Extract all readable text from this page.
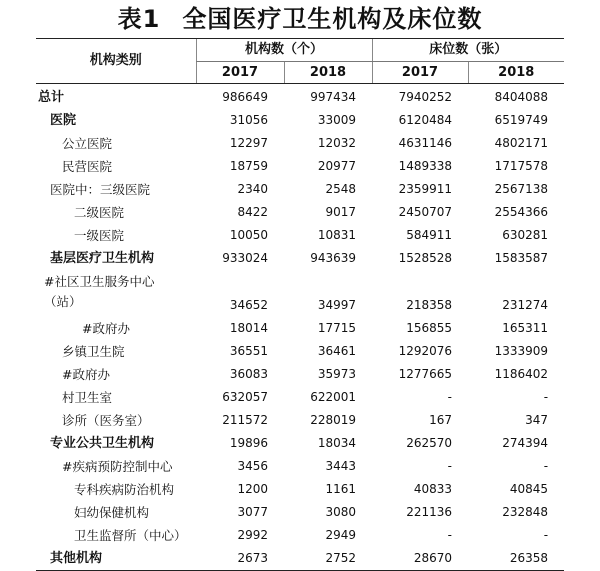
表1 全国医疗卫生机构及床位数
机构类别	机构数（个）		床位数（张）	
	2017	2018	2017	2018
总计	986649	997434	7940252	8404088
医院	31056	33009	6120484	6519749
公立医院	12297	12032	4631146	4802171
民营医院	18759	20977	1489338	1717578
医院中：三级医院	2340	2548	2359911	2567138
二级医院	8422	9017	2450707	2554366
一级医院	10050	10831	584911	630281
基层医疗卫生机构	933024	943639	1528528	1583587
#社区卫生服务中心（站）	34652	34997	218358	231274
#政府办	18014	17715	156855	165311
乡镇卫生院	36551	36461	1292076	1333909
#政府办	36083	35973	1277665	1186402
村卫生室	632057	622001	-	-
诊所（医务室）	211572	228019	167	347
专业公共卫生机构	19896	18034	262570	274394
#疾病预防控制中心	3456	3443	-	-
专科疾病防治机构	1200	1161	40833	40845
妇幼保健机构	3077	3080	221136	232848
卫生监督所（中心）	2992	2949	-	-
其他机构	2673	2752	28670	26358
